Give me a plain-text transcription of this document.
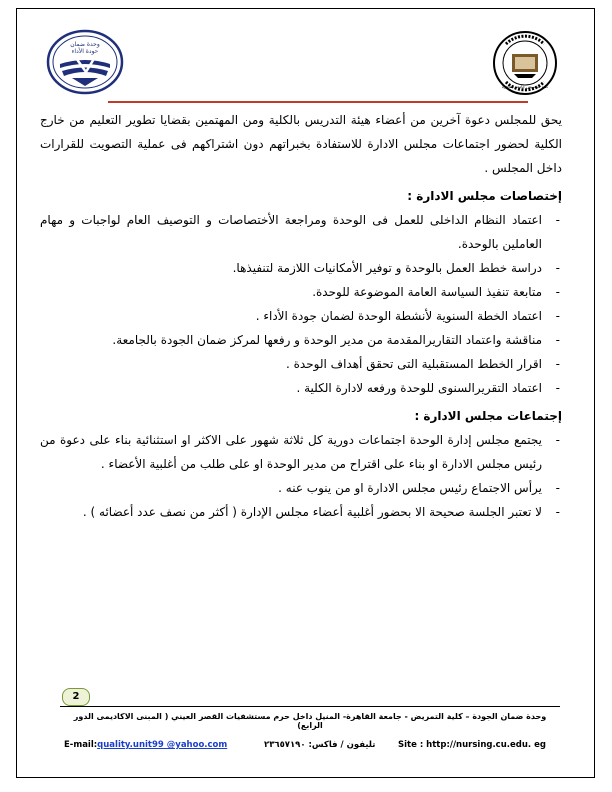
وحدة ضمان
جودة الأداء
كلية التمريض جامعة القاهرة

يحق للمجلس دعوة آخرين من أعضاء هيئة التدريس بالكلية ومن المهتمين بقضايا تطوير التعليم من خارج الكلية لحضور اجتماعات مجلس الادارة للاستفادة بخبراتهم دون اشتراكهم فى عملية التصويت للقرارات داخل المجلس .

إختصاصات مجلس الادارة :

-
اعتماد النظام الداخلى للعمل فى الوحدة ومراجعة الأختصاصات و التوصيف العام لواجبات و مهام العاملين بالوحدة.
-
دراسة خطط العمل بالوحدة و توفير الأمكانيات اللازمة لتنفيذها.
-
متابعة تنفيذ السياسة العامة الموضوعة للوحدة.
-
اعتماد الخطة السنوية لأنشطة الوحدة لضمان جودة الأداء .
-
مناقشة واعتماد التقاريرالمقدمة من مدير الوحدة و رفعها لمركز ضمان الجودة بالجامعة.
-
اقرار الخطط المستقبلية التى تحقق أهداف الوحدة .
-
اعتماد التقريرالسنوى للوحدة ورفعه لادارة الكلية .

إجتماعات مجلس الادارة :

-
يجتمع مجلس إدارة الوحدة اجتماعات دورية كل ثلاثة شهور على الاكثر او استثنائية بناء على دعوة من رئيس مجلس الادارة او بناء على اقتراح من مدير الوحدة او على طلب من أغلبية الأعضاء .
-
يرأس الاجتماع رئيس مجلس الادارة او من ينوب عنه .
-
لا تعتبر الجلسة صحيحة الا بحضور أغلبية أعضاء مجلس الإدارة ( أكثر من نصف عدد أعضائه ) .
2
وحدة ضمان الجودة – كلية التمريض - جامعة القاهرة- المنيل داخل حرم مستشفيات القصر العيني ( المبنى الاكاديمى الدور الرابع)
E-mail:quality.unit99 @yahoo.com	تليفون / فاكس: ٢٣٦٥٧١٩٠	Site : http://nursing.cu.edu. eg
